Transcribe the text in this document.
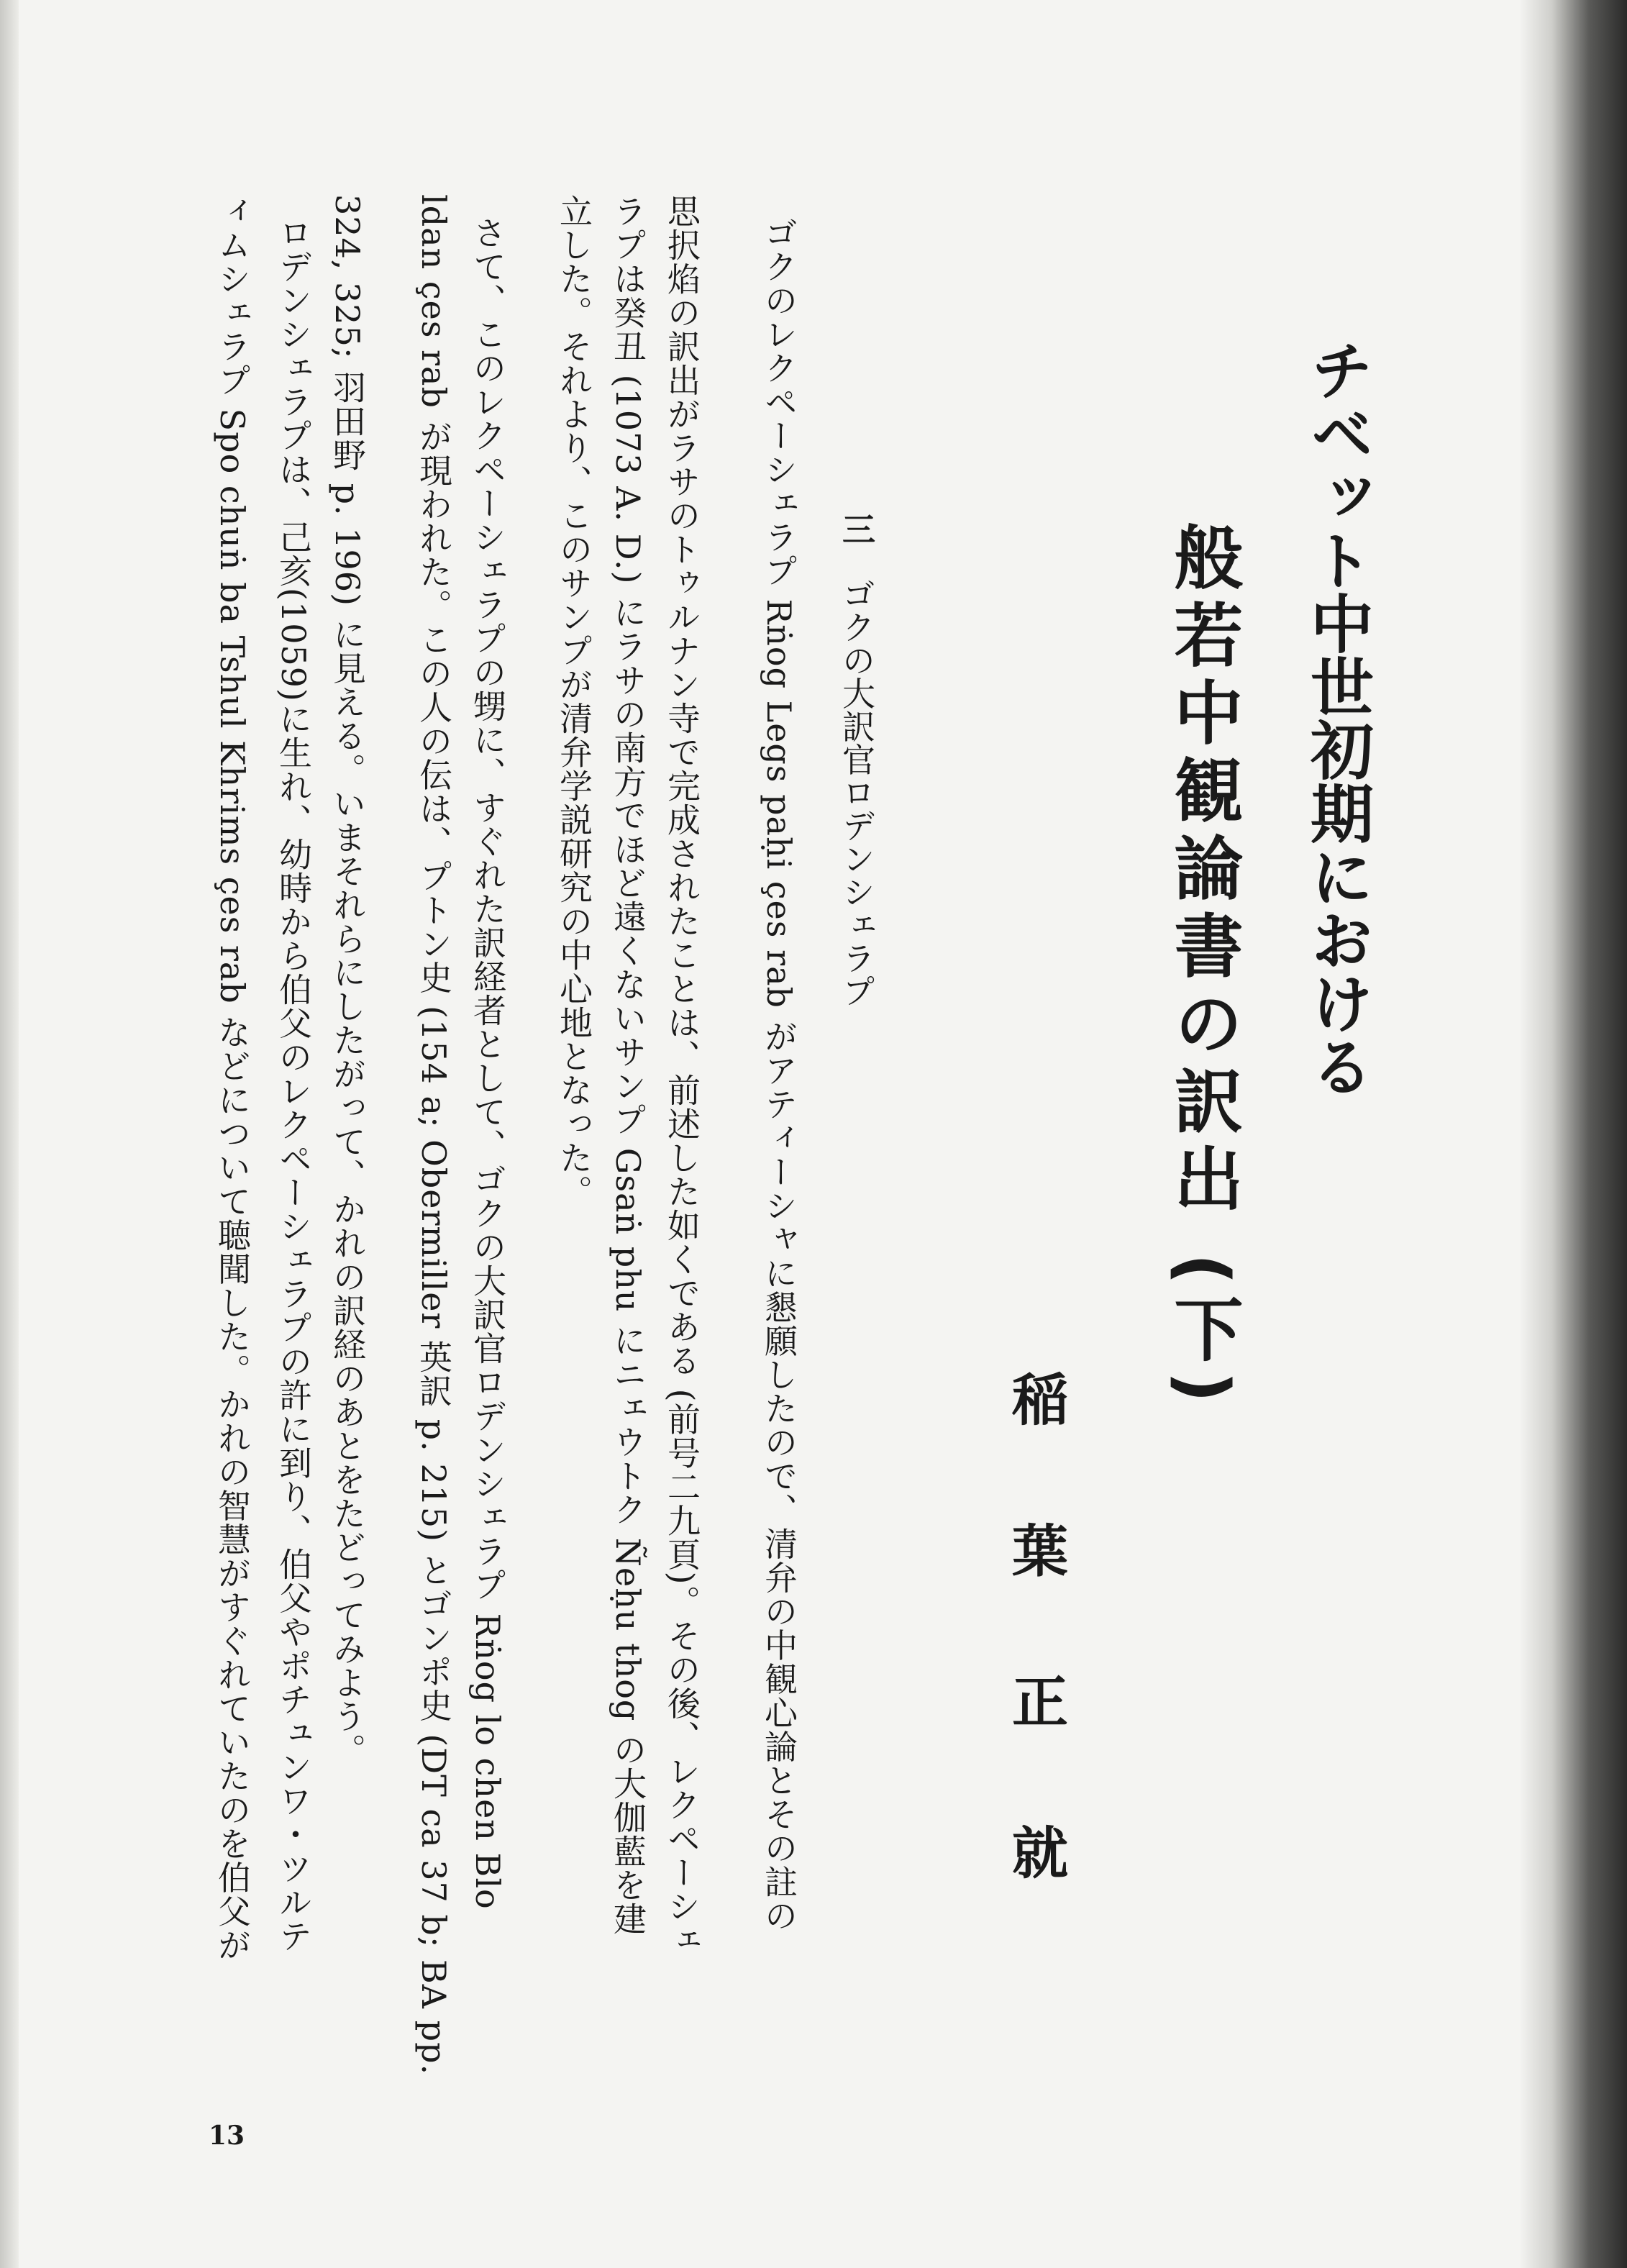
チベット中世初期における
般若中観論書の訳出 (下)
稲葉正就
三 ゴクの大訳官ロデンシェラプ
ゴクのレクペーシェラプ Rṅog Legs paḥi çes rab がアティーシャに懇願したので、清弁の中観心論とその註の
思択焰の訳出がラサのトゥルナン寺で完成されたことは、前述した如くである (前号二九頁)。その後、レクペーシェ
ラプは癸丑 (1073 A. D.) にラサの南方でほど遠くないサンプ Gsaṅ phu にニェウトク Ñeḥu thog の大伽藍を建
立した。それより、このサンプが清弁学説研究の中心地となった。
さて、このレクペーシェラプの甥に、すぐれた訳経者として、ゴクの大訳官ロデンシェラプ Rṅog lo chen Blo
ldan çes rab が現われた。この人の伝は、プトン史 (154 a; Obermiller 英訳 p. 215) とゴンポ史 (DT ca 37 b; BA pp.
324, 325; 羽田野 p. 196) に見える。いまそれらにしたがって、かれの訳経のあとをたどってみよう。
ロデンシェラプは、己亥(1059)に生れ、幼時から伯父のレクペーシェラプの許に到り、伯父やポチュンワ・ツルテ
ィムシェラプ Spo chuṅ ba Tshul Khrims çes rab などについて聴聞した。かれの智慧がすぐれていたのを伯父が
13
